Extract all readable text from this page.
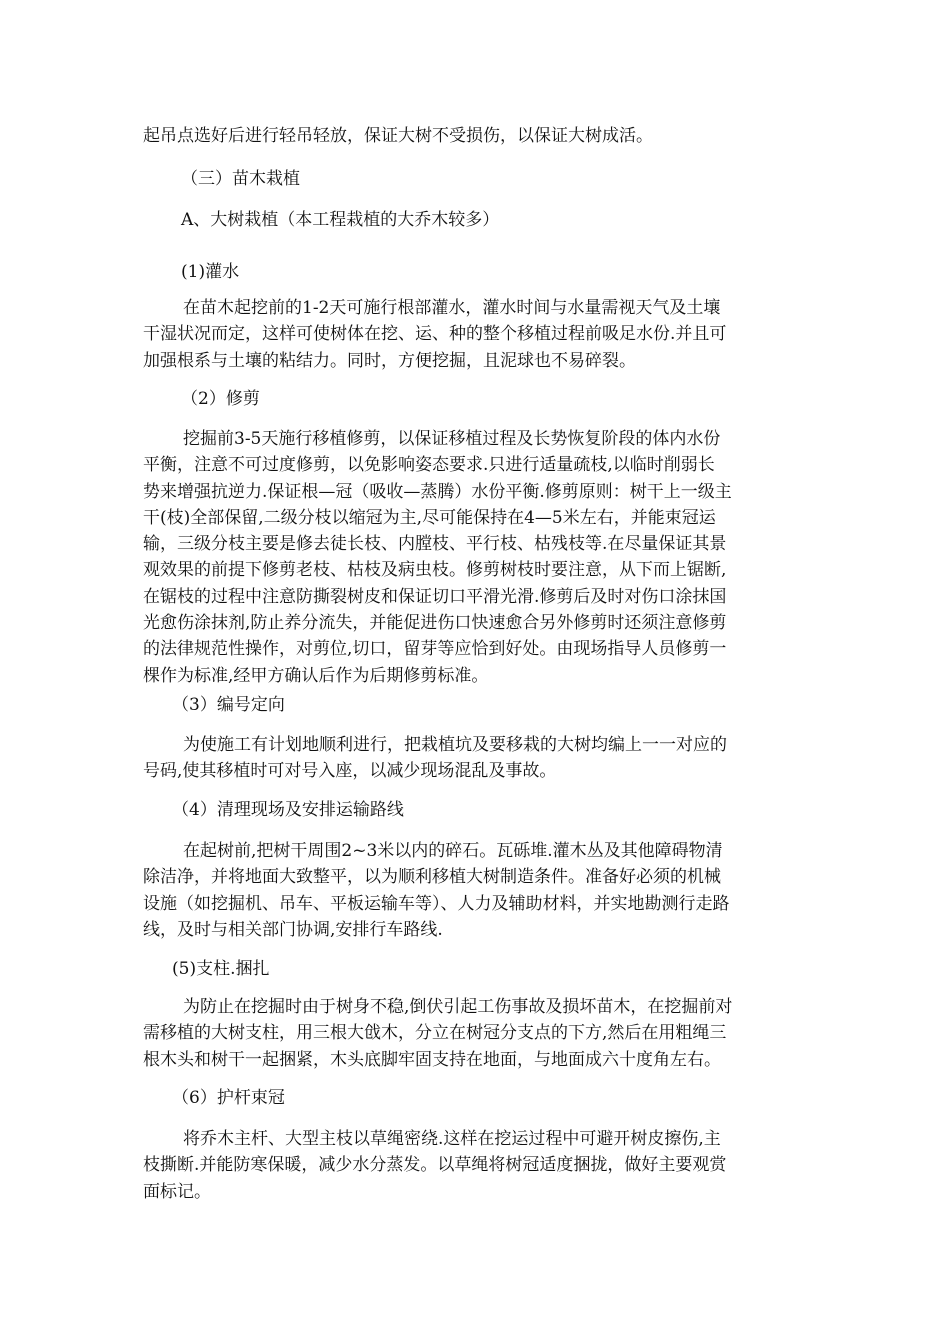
起吊点选好后进行轻吊轻放，保证大树不受损伤，以保证大树成活。
（三）苗木栽植
A、大树栽植（本工程栽植的大乔木较多）
(1)灌水
在苗木起挖前的1-2天可施行根部灌水，灌水时间与水量需视天气及土壤
干湿状况而定，这样可使树体在挖、运、种的整个移植过程前吸足水份.并且可
加强根系与土壤的粘结力。同时，方便挖掘，且泥球也不易碎裂。
（2）修剪
挖掘前3-5天施行移植修剪，以保证移植过程及长势恢复阶段的体内水份
平衡，注意不可过度修剪，以免影响姿态要求.只进行适量疏枝,以临时削弱长
势来增强抗逆力.保证根—冠（吸收—蒸腾）水份平衡.修剪原则：树干上一级主
干(枝)全部保留,二级分枝以缩冠为主,尽可能保持在4—5米左右，并能束冠运
输，三级分枝主要是修去徒长枝、内膛枝、平行枝、枯残枝等.在尽量保证其景
观效果的前提下修剪老枝、枯枝及病虫枝。修剪树枝时要注意，从下而上锯断,
在锯枝的过程中注意防撕裂树皮和保证切口平滑光滑.修剪后及时对伤口涂抹国
光愈伤涂抹剂,防止养分流失，并能促进伤口快速愈合另外修剪时还须注意修剪
的法律规范性操作，对剪位,切口，留芽等应恰到好处。由现场指导人员修剪一
棵作为标准,经甲方确认后作为后期修剪标准。
（3）编号定向
为使施工有计划地顺利进行，把栽植坑及要移栽的大树均编上一一对应的
号码,使其移植时可对号入座，以减少现场混乱及事故。
（4）清理现场及安排运输路线
在起树前,把树干周围2~3米以内的碎石。瓦砾堆.灌木丛及其他障碍物清
除洁净，并将地面大致整平，以为顺利移植大树制造条件。准备好必须的机械
设施（如挖掘机、吊车、平板运输车等）、人力及辅助材料，并实地勘测行走路
线，及时与相关部门协调,安排行车路线.
(5)支柱.捆扎
为防止在挖掘时由于树身不稳,倒伏引起工伤事故及损坏苗木，在挖掘前对
需移植的大树支柱，用三根大戗木，分立在树冠分支点的下方,然后在用粗绳三
根木头和树干一起捆紧，木头底脚牢固支持在地面，与地面成六十度角左右。
（6）护杆束冠
将乔木主杆、大型主枝以草绳密绕.这样在挖运过程中可避开树皮擦伤,主
枝撕断.并能防寒保暖，减少水分蒸发。以草绳将树冠适度捆拢，做好主要观赏
面标记。
